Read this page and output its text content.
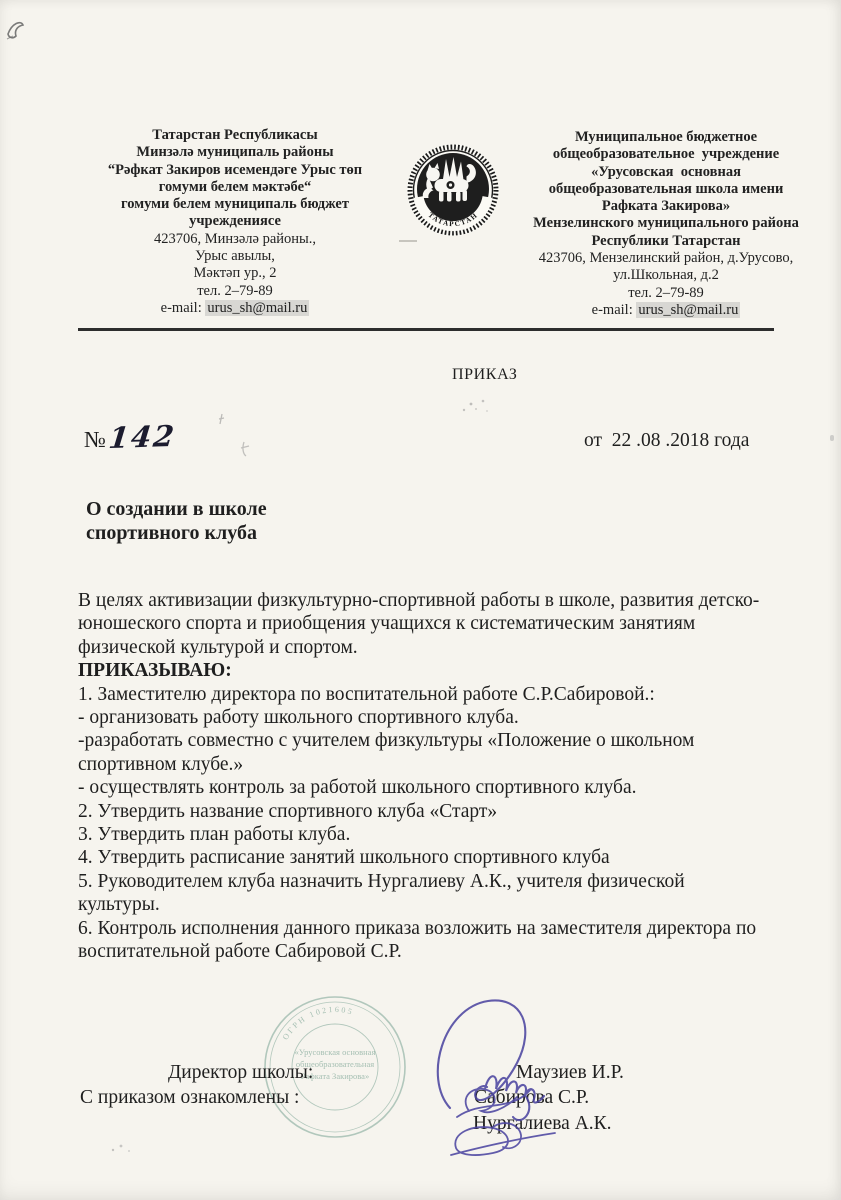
Татарстан Республикасы
Минзәлә муниципаль районы
“Рәфкат Закиров исемендәге Урыс төп
гомуми белем мәктәбе“
гомуми белем муниципаль бюджет
учреждениясе
423706, Минзәлә районы.,
Урыс авылы,
Мәктәп ур., 2
тел. 2–79-89
e-mail: urus_sh@mail.ru
ТАТАРСТАН
Муниципальное бюджетное
общеобразовательное  учреждение
«Урусовская  основная
общеобразовательная школа имени
Рафката Закирова»
Мензелинского муниципального района
Республики Татарстан
423706, Мензелинский район, д.Урусово,
ул.Школьная, д.2
тел. 2–79-89
e-mail: urus_sh@mail.ru
ПРИКАЗ
№142	от  22 .08 .2018 года
О создании в школе
спортивного клуба
В целях активизации физкультурно-спортивной работы в школе, развития детско-
юношеского спорта и приобщения учащихся к систематическим занятиям
физической культурой и спортом.
ПРИКАЗЫВАЮ:
1. Заместителю директора по воспитательной работе С.Р.Сабировой.:
- организовать работу школьного спортивного клуба.
-разработать совместно с учителем физкультуры «Положение о школьном
спортивном клубе.»
- осуществлять контроль за работой школьного спортивного клуба.
2. Утвердить название спортивного клуба «Старт»
3. Утвердить план работы клуба.
4. Утвердить расписание занятий школьного спортивного клуба
5. Руководителем клуба назначить Нургалиеву А.К., учителя физической
культуры.
6. Контроль исполнения данного приказа возложить на заместителя директора по
воспитательной работе Сабировой С.Р.
ОГРН 1021605
«Урусовская основная
общеобразовательная
Рафката Закирова»
Директор школы:	Маузиев И.Р.
С приказом ознакомлены :	Сабирова С.Р.
Нургалиева А.К.
